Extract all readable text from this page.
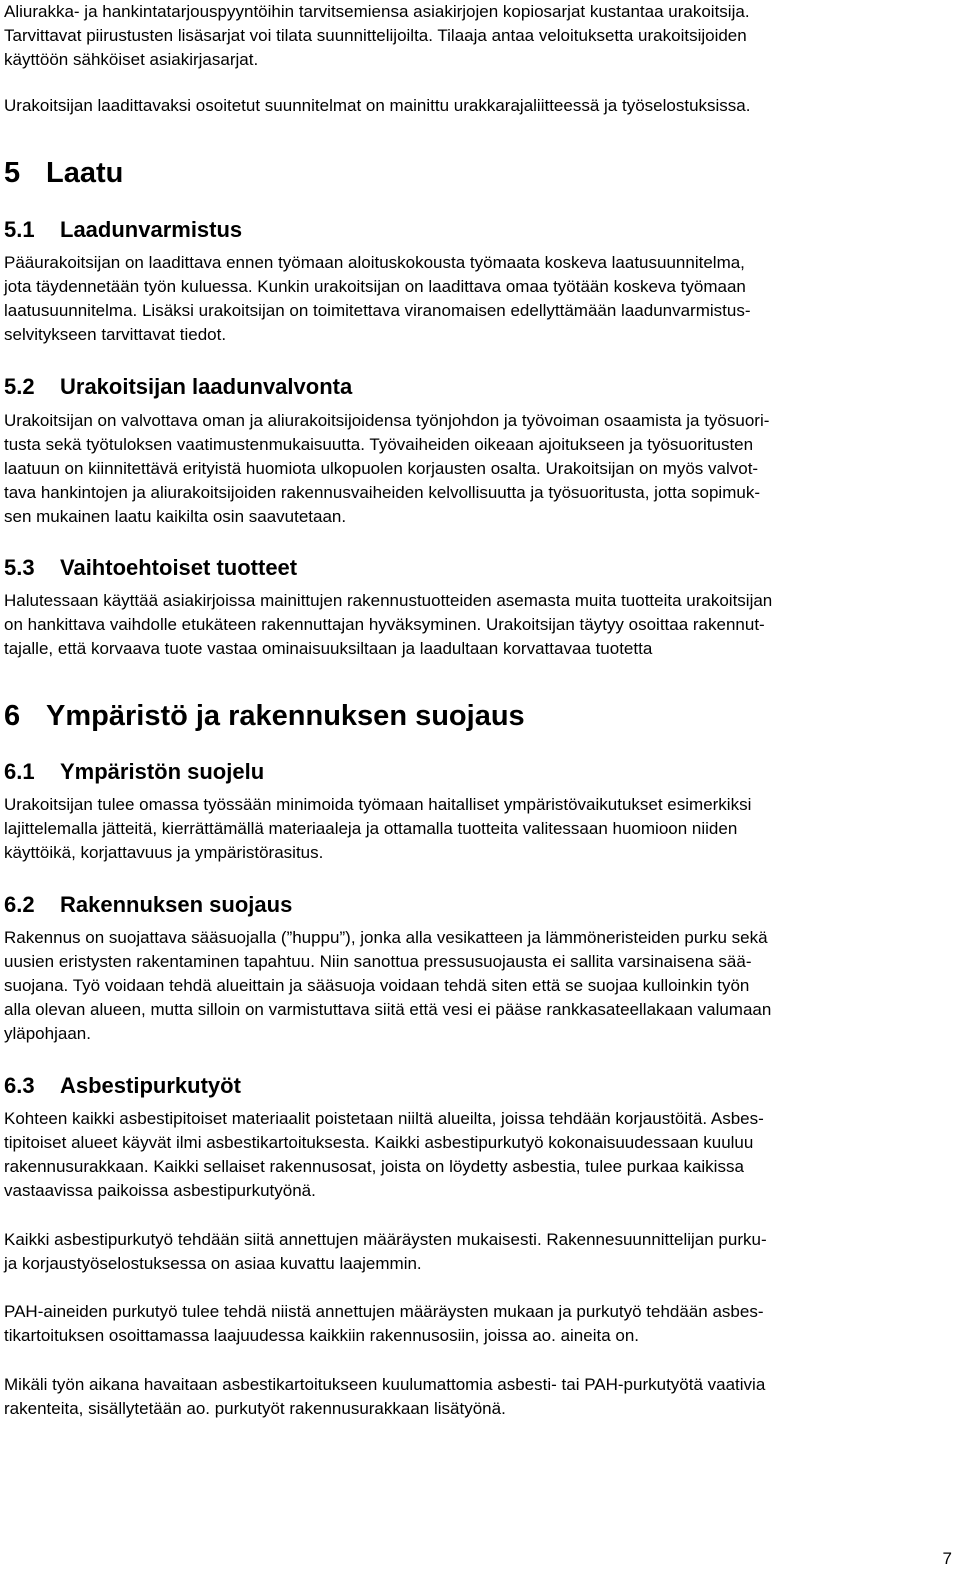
Aliurakka- ja hankintatarjouspyyntöihin tarvitsemiensa asiakirjojen kopiosarjat kustantaa urakoitsija.
Tarvittavat piirustusten lisäsarjat voi tilata suunnittelijoilta. Tilaaja antaa veloituksetta urakoitsijoiden
käyttöön sähköiset asiakirjasarjat.
Urakoitsijan laadittavaksi osoitetut suunnitelmat on mainittu urakkarajaliitteessä ja työselostuksissa.
5 Laatu
5.1 Laadunvarmistus
Pääurakoitsijan on laadittava ennen työmaan aloituskokousta työmaata koskeva laatusuunnitelma,
jota täydennetään työn kuluessa. Kunkin urakoitsijan on laadittava omaa työtään koskeva työmaan
laatusuunnitelma. Lisäksi urakoitsijan on toimitettava viranomaisen edellyttämään laadunvarmistus-
selvitykseen tarvittavat tiedot.
5.2 Urakoitsijan laadunvalvonta
Urakoitsijan on valvottava oman ja aliurakoitsijoidensa työnjohdon ja työvoiman osaamista ja työsuori-
tusta sekä työtuloksen vaatimustenmukaisuutta. Työvaiheiden oikeaan ajoitukseen ja työsuoritusten
laatuun on kiinnitettävä erityistä huomiota ulkopuolen korjausten osalta. Urakoitsijan on myös valvot-
tava hankintojen ja aliurakoitsijoiden rakennusvaiheiden kelvollisuutta ja työsuoritusta, jotta sopimuk-
sen mukainen laatu kaikilta osin saavutetaan.
5.3 Vaihtoehtoiset tuotteet
Halutessaan käyttää asiakirjoissa mainittujen rakennustuotteiden asemasta muita tuotteita urakoitsijan
on hankittava vaihdolle etukäteen rakennuttajan hyväksyminen. Urakoitsijan täytyy osoittaa rakennut-
tajalle, että korvaava tuote vastaa ominaisuuksiltaan ja laadultaan korvattavaa tuotetta
6 Ympäristö ja rakennuksen suojaus
6.1 Ympäristön suojelu
Urakoitsijan tulee omassa työssään minimoida työmaan haitalliset ympäristövaikutukset esimerkiksi
lajittelemalla jätteitä, kierrättämällä materiaaleja ja ottamalla tuotteita valitessaan huomioon niiden
käyttöikä, korjattavuus ja ympäristörasitus.
6.2 Rakennuksen suojaus
Rakennus on suojattava sääsuojalla (”huppu”), jonka alla vesikatteen ja lämmöneristeiden purku sekä
uusien eristysten rakentaminen tapahtuu. Niin sanottua pressusuojausta ei sallita varsinaisena sää-
suojana. Työ voidaan tehdä alueittain ja sääsuoja voidaan tehdä siten että se suojaa kulloinkin työn
alla olevan alueen, mutta silloin on varmistuttava siitä että vesi ei pääse rankkasateellakaan valumaan
yläpohjaan.
6.3 Asbestipurkutyöt
Kohteen kaikki asbestipitoiset materiaalit poistetaan niiltä alueilta, joissa tehdään korjaustöitä. Asbes-
tipitoiset alueet käyvät ilmi asbestikartoituksesta. Kaikki asbestipurkutyö kokonaisuudessaan kuuluu
rakennusurakkaan. Kaikki sellaiset rakennusosat, joista on löydetty asbestia, tulee purkaa kaikissa
vastaavissa paikoissa asbestipurkutyönä.
Kaikki asbestipurkutyö tehdään siitä annettujen määräysten mukaisesti. Rakennesuunnittelijan purku-
ja korjaustyöselostuksessa on asiaa kuvattu laajemmin.
PAH-aineiden purkutyö tulee tehdä niistä annettujen määräysten mukaan ja purkutyö tehdään asbes-
tikartoituksen osoittamassa laajuudessa kaikkiin rakennusosiin, joissa ao. aineita on.
Mikäli työn aikana havaitaan asbestikartoitukseen kuulumattomia asbesti- tai PAH-purkutyötä vaativia
rakenteita, sisällytetään ao. purkutyöt rakennusurakkaan lisätyönä.
7
